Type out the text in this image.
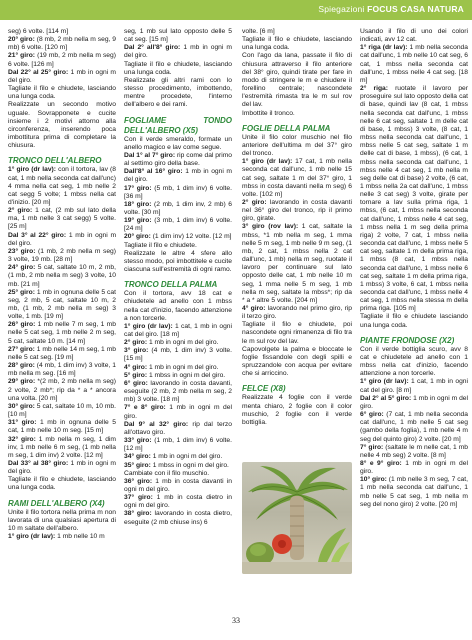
Spiegazioni FOCUS CASA NATURA

seg) 6 volte. [114 m]

20° giro: (8 mb, 2 mb nella m seg, 9 mb) 6 volte. [120 m]

21° giro: (19 mb, 2 mb nella m seg) 6 volte. [126 m]

Dal 22° al 25° giro: 1 mb in ogni m del giro.

Tagliate il filo e chiudete, lasciando una lunga coda.

Realizzate un secondo motivo uguale. Sovrapponete e cucite insieme i 2 motivi attorno alla circonferenza, inserendo poca imbottitura prima di completare la chiusura.

TRONCO DELL'ALBERO

1° giro (dr lav): con il tortora, lav (8 cat, 1 mb nella seconda cat dall'unc) 4 mma nella cat seg, 1 mb nelle 2 cat segg 5 volte; 1 mbss nella cat d'inizio. [20 m]

2° giro: 1 cat, (2 mb sul lato della ma, 1 mb nelle 3 cat segg) 5 volte. [25 m]

Dal 3° al 22° giro: 1 mb in ogni m del giro.

23° giro: (1 mb, 2 mb nella m seg) 3 volte, 19 mb. [28 m]

24° giro: 5 cat, saltate 10 m, 2 mb, (1 mb, 2 mb nella m seg) 3 volte, 10 mb. [21 m]

25° giro: 1 mb in ognuna delle 5 cat seg, 2 mb, 5 cat, saltate 10 m, 2 mb, (1 mb, 2 mb nella m seg) 3 volte, 1 mb. [19 m]

26° giro: 1 mb nelle 7 m seg, 1 mb nelle 5 cat seg, 1 mb nelle 2 m seg, 5 cat, saltate 10 m. [14 m]

27° giro: 1 mb nelle 14 m seg, 1 mb nelle 5 cat seg. [19 m]

28° giro: (4 mb, 1 dim inv) 3 volte, 1 mb nella m seg. [16 m]

29° giro: *(2 mb, 2 mb nella m seg) 2 volte, 2 mb*; rip da * a * ancora una volta. [20 m]

30° giro: 5 cat, saltate 10 m, 10 mb. [10 m]

31° giro: 1 mb in ognuna delle 5 cat, 1 mb nelle 10 m seg. [15 m]

32° giro: 1 mb nella m seg, 1 dim inv, 1 mb nelle 6 m seg, (1 mb nella m seg, 1 dim inv) 2 volte. [12 m]

Dal 33° al 38° giro: 1 mb in ogni m del giro.

Tagliate il filo e chiudete, lasciando una lunga coda.

RAMI DELL'ALBERO (X4)

Unite il filo tortora nella prima m non lavorata di una qualsiasi apertura di 10 m saltate dell'albero.

1° giro (dr lav): 1 mb nelle 10 m

seg, 1 mb sul lato opposto delle 5 cat seg. [15 m]

Dal 2° all'8° giro: 1 mb in ogni m del giro.

Tagliate il filo e chiudete, lasciando una lunga coda.

Realizzate gli altri rami con lo stesso procedimento, imbottendo, mentre procedete, l'interno dell'albero e dei rami.

FOGLIAME TONDO DELL'ALBERO (X5)

Con il verde smeraldo, formate un anello magico e lav come segue.

Dal 1° al 7° giro: rip come dal primo al settimo giro della base.

Dall'8° al 16° giro: 1 mb in ogni m del giro.

17° giro: (5 mb, 1 dim inv) 6 volte. [36 m]

18° giro: (2 mb, 1 dim inv, 2 mb) 6 volte. [30 m]

19° giro: (3 mb, 1 dim inv) 6 volte. [24 m]

20° giro: (1 dim inv) 12 volte. [12 m]

Tagliate il filo e chiudete.

Realizzate le altre 4 sfere allo stesso modo, poi imbottitele e cucite ciascuna sull'estremità di ogni ramo.

TRONCO DELLA PALMA

Con il tortora, avv 18 cat e chiudetele ad anello con 1 mbss nella cat d'inizio, facendo attenzione a non torcerle.

1° giro (dr lav): 1 cat, 1 mb in ogni cat del giro. [18 m]

2° giro: 1 mb in ogni m del giro.

3° giro: (4 mb, 1 dim inv) 3 volte. [15 m]

4° giro: 1 mb in ogni m del giro.

5° giro: 1 mbss in ogni m del giro.

6° giro: lavorando in costa davanti, eseguite (2 mb, 2 mb nella m seg, 2 mb) 3 volte. [18 m]

7° e 8° giro: 1 mb in ogni m del giro.

Dal 9° al 32° giro: rip dal terzo all'ottavo giro.

33° giro: (1 mb, 1 dim inv) 6 volte. [12 m]

34° giro: 1 mb in ogni m del giro.

35° giro: 1 mbss in ogni m del giro.

Cambiate con il filo muschio.

36° giro: 1 mb in costa davanti in ogni m del giro.

37° giro: 1 mb in costa dietro in ogni m del giro.

38° giro: lavorando in costa dietro, eseguite (2 mb chiuse ins) 6

volte. [6 m]

Tagliate il filo e chiudete, lasciando una lunga coda.

Con l'ago da lana, passate il filo di chiusura attraverso il filo anteriore del 38° giro, quindi tirate per fare in modo di stringere le m e chiudere il forellino centrale; nascondete l'estremità rimasta tra le m sul rov del lav.

Imbottite il tronco.

FOGLIE DELLA PALMA

Unite il filo color muschio nel filo anteriore dell'ultima m del 37° giro del tronco.

1° giro (dr lav): 17 cat, 1 mb nella seconda cat dall'unc, 1 mb nelle 15 cat seg, saltate 1 m del 37° giro, 1 mbss in costa davanti nella m seg) 6 volte. [102 m]

2° giro: lavorando in costa davanti nel 36° giro del tronco, rip il primo giro, girate.

3° giro (rov lav): 1 cat, saltate la mbss, *1 mb nella m seg, 1 mma nelle 5 m seg, 1 mb nelle 9 m seg, (1 mb, 2 cat, 1 mbss nella 2 cat dall'unc, 1 mb) nella m seg, ruotate il lavoro per continuare sul lato opposto delle cat, 1 mb nelle 10 m seg, 1 mma nelle 5 m seg, 1 mb nella m seg, saltate la mbss*; rip da * a * altre 5 volte. [204 m]

4° giro: lavorando nel primo giro, rip il terzo giro.

Tagliate il filo e chiudete, poi nascondete ogni rimanenza di filo tra le m sul rov del lav.

Capovolgete la palma e bloccate le foglie fissandole con degli spilli e spruzzandole con acqua per evitare che si arriccino.

FELCE (X8)

Realizzate 4 foglie con il verde menta chiaro, 2 foglie con il color muschio, 2 foglie con il verde bottiglia.

Usando il filo di uno dei colori indicati, avv 12 cat.

1° riga (dr lav): 1 mb nella seconda cat dall'unc, 1 mb nelle 10 cat seg, 6 cat, 1 mbss nella seconda cat dall'unc, 1 mbss nelle 4 cat seg. [18 m]

2° riga: ruotate il lavoro per proseguire sul lato opposto della cat di base, quindi lav (8 cat, 1 mbss nella seconda cat dall'unc, 1 mbss nelle 6 cat seg, saltate 1 m delle cat di base, 1 mbss) 3 volte, (8 cat, 1 mbss nella seconda cat dall'unc, 1 mbss nelle 5 cat seg, saltate 1 m delle cat di base, 1 mbss), (6 cat, 1 mbss nella seconda cat dall'unc, 1 mbss nelle 4 cat seg, 1 mb nella m seg delle cat di base) 2 volte, (6 cat, 1 mbss nella 2a cat dall'unc, 1 mbss nelle 3 cat seg) 3 volte, girate per tornare a lav sulla prima riga, 1 mbss, (6 cat, 1 mbss nella seconda cat dall'unc, 1 mbss nelle 4 cat seg, 1 mbss nella 1 m seg della prima riga) 2 volte, 7 cat, 1 mbss nella seconda cat dall'unc, 1 mbss nelle 5 cat seg, saltate 1 m della prima riga, 1 mbss (8 cat, 1 mbss nella seconda cat dall'unc, 1 mbss nelle 6 cat seg, saltate 1 m della prima riga, 1 mbss) 3 volte, 6 cat, 1 mbss nella seconda cat dall'unc, 1 mbss nelle 4 cat seg, 1 mbss nella stessa m della prima riga. [105 m]

Tagliate il filo e chiudete lasciando una lunga coda.

PIANTE FRONDOSE (X2)

Con il verde bottiglia scuro, avv 8 cat e chiudetele ad anello con 1 mbss nella cat d'inizio, facendo attenzione a non torcerle.

1° giro (dr lav): 1 cat, 1 mb in ogni cat del giro. [8 m]

Dal 2° al 5° giro: 1 mb in ogni m del giro.

6° giro: (7 cat, 1 mb nella seconda cat dall'unc, 1 mb nelle 5 cat seg (gambo della foglia), 1 mb nelle 4 m seg del quinto giro) 2 volte. [20 m]

7° giro: (saltate le m nelle cat, 1 mb nelle 4 mb seg) 2 volte. [8 m]

8° e 9° giro: 1 mb in ogni m del giro.

10° giro: (1 mb nelle 3 m seg, 7 cat, 1 mb nella seconda cat dall'unc, 1 mb nelle 5 cat seg, 1 mb nella m seg del nono giro) 2 volte. [20 m]

33
